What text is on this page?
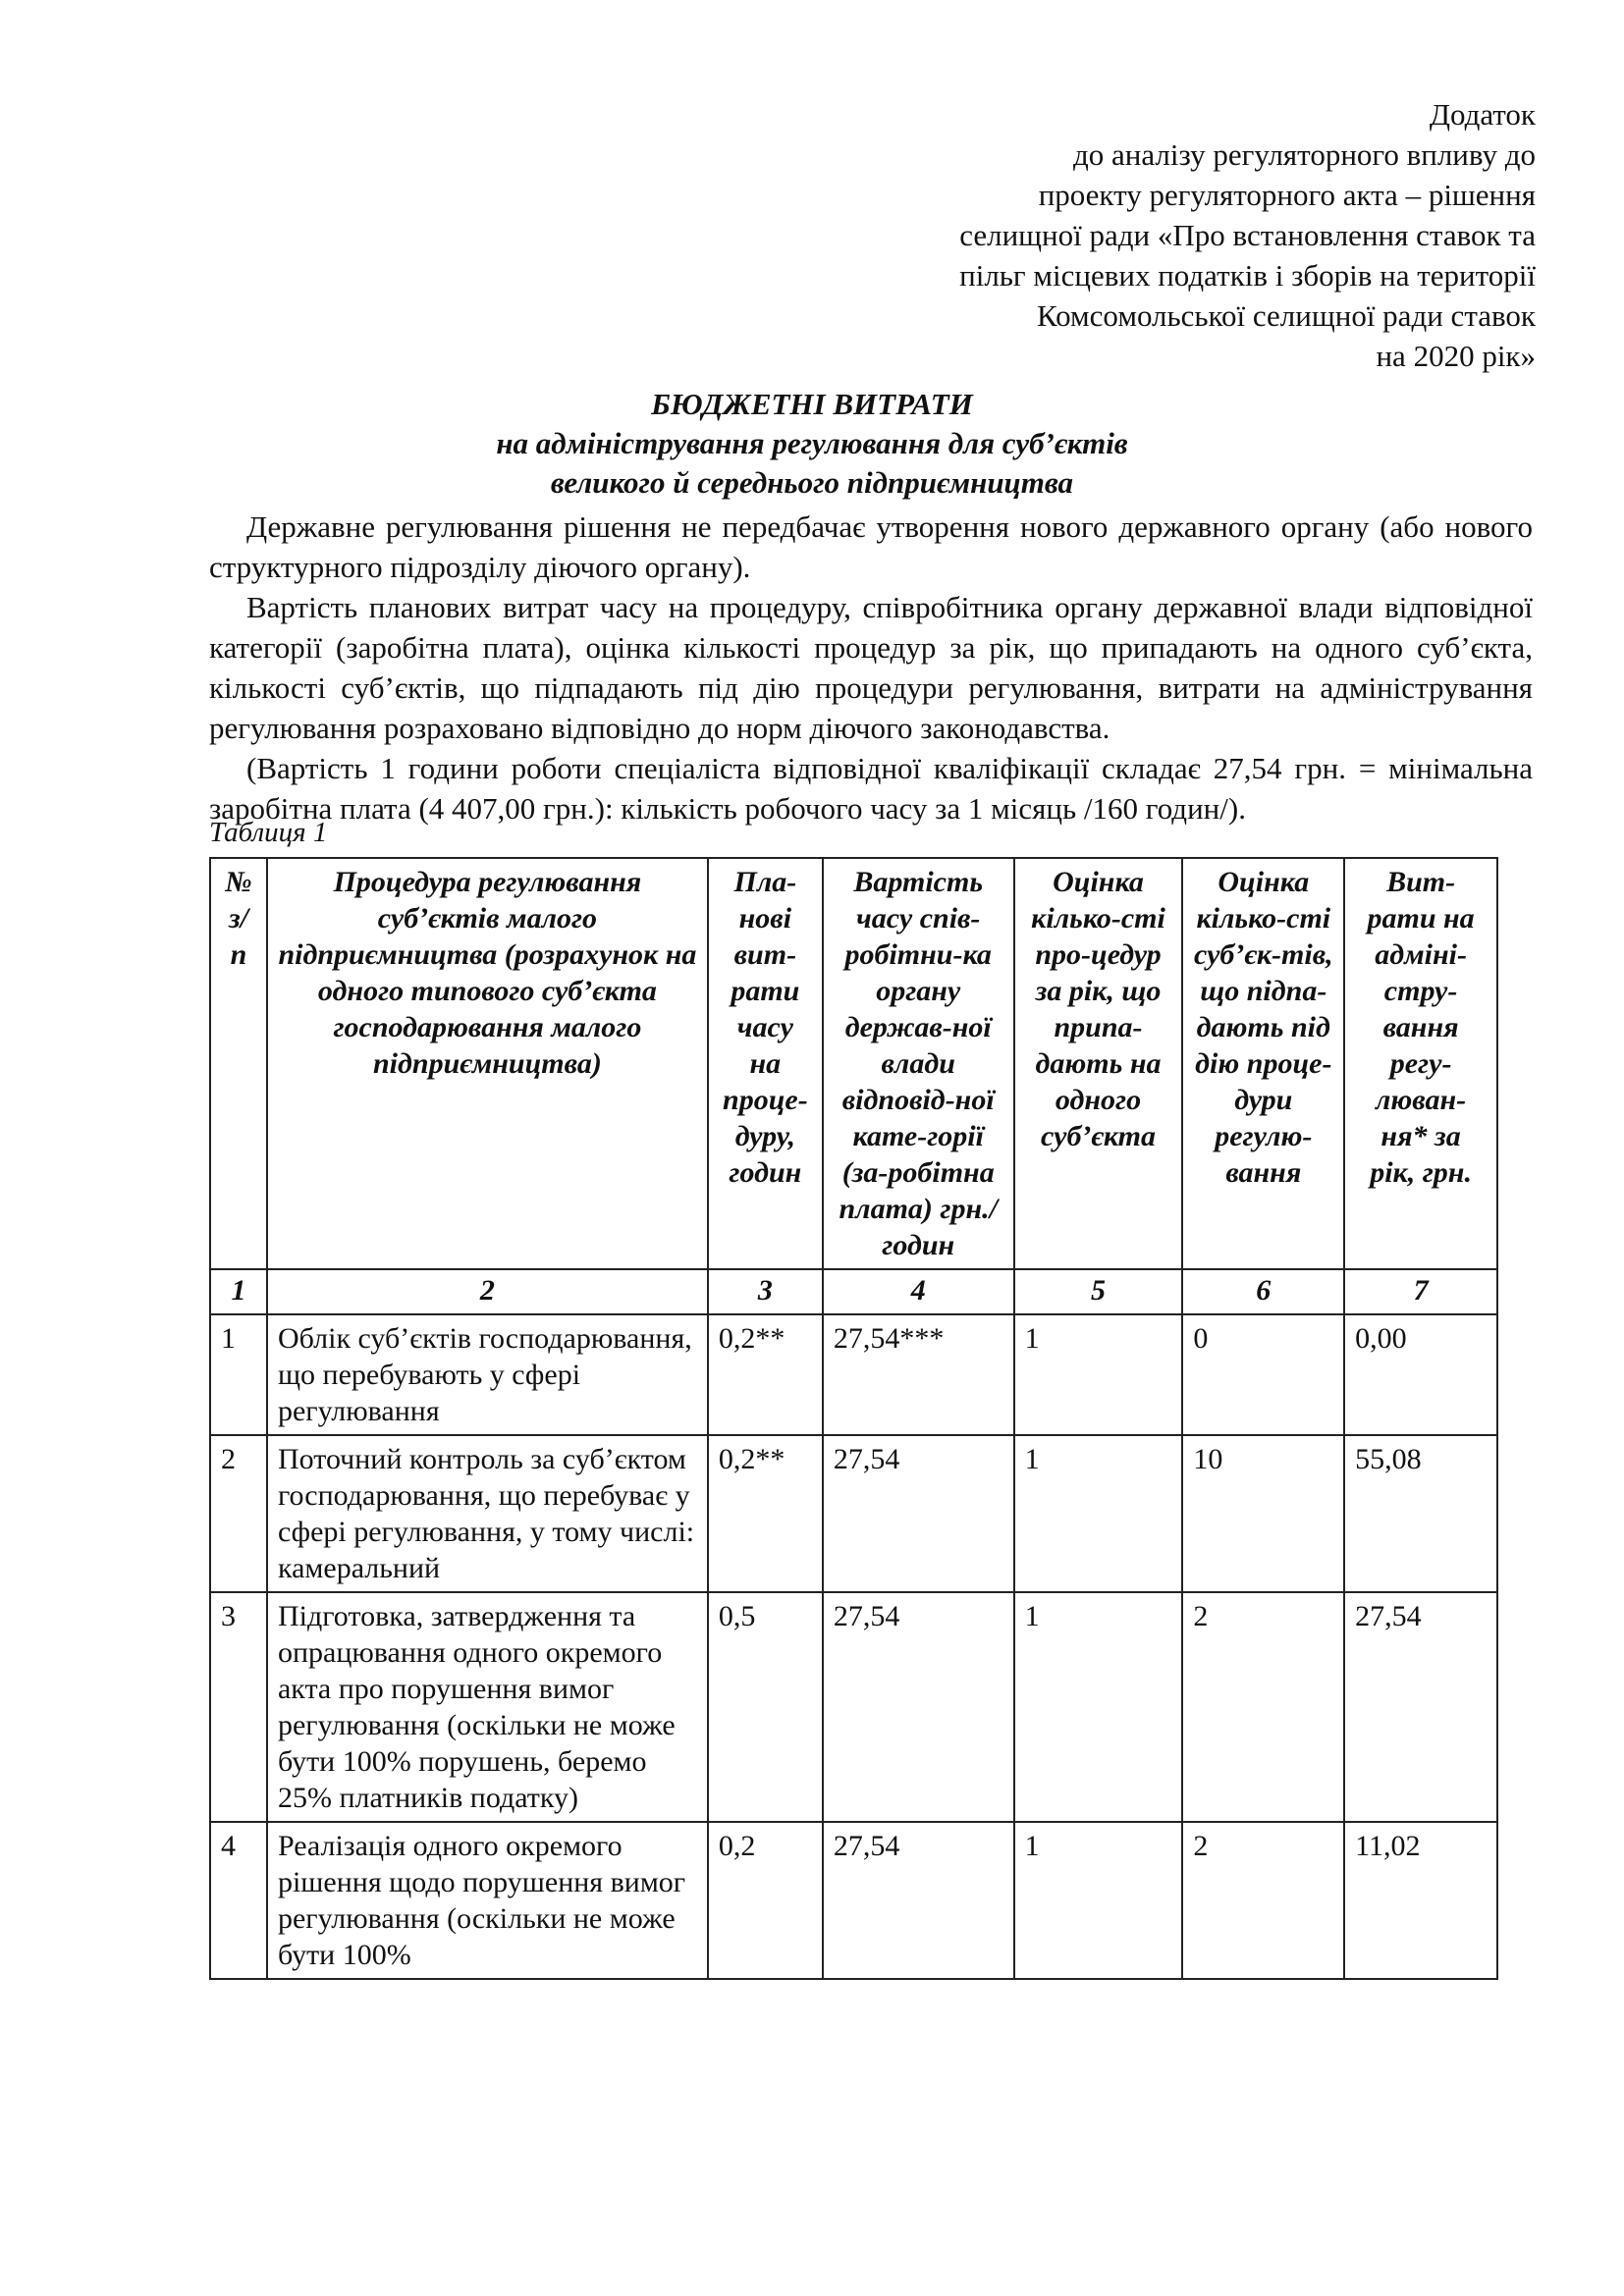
Додаток
до аналізу регуляторного впливу до
проекту регуляторного акта – рішення
селищної ради «Про встановлення ставок та
пільг місцевих податків і зборів на території
Комсомольської селищної ради ставок
на 2020 рік»
БЮДЖЕТНІ ВИТРАТИ
на адміністрування регулювання для суб’єктів
великого й середнього підприємництва

Державне регулювання рішення не передбачає утворення нового державного органу (або нового структурного підрозділу діючого органу).

Вартість планових витрат часу на процедуру, співробітника органу державної влади відповідної категорії (заробітна плата), оцінка кількості процедур за рік, що припадають на одного суб’єкта, кількості суб’єктів, що підпадають під дію процедури регулювання, витрати на адміністрування регулювання розраховано відповідно до норм діючого законодавства.

(Вартість 1 години роботи спеціаліста відповідної кваліфікації складає 27,54 грн. = мінімальна заробітна плата (4 407,00 грн.): кількість робочого часу за 1 місяць /160 годин/).

Таблиця 1
№ з/п	Процедура регулювання суб’єктів малого підприємництва (розрахунок на одного типового суб’єкта господарювання малого підприємництва)	Пла-нові вит-рати часу на проце-дуру, годин	Вартість часу спів-робітни-ка органу держав-ної влади відповід-ної кате-горії (за-робітна плата) грн./ годин	Оцінка кілько-сті про-цедур за рік, що припа-дають на одного суб’єкта	Оцінка кілько-сті суб’єк-тів, що підпа-дають під дію проце-дури регулю-вання	Вит-рати на адміні-стру-вання регу-люван-ня* за рік, грн.
1	2	3	4	5	6	7
1	Облік суб’єктів господарювання, що перебувають у сфері регулювання	0,2**	27,54***	1	0	0,00
2	Поточний контроль за суб’єктом господарювання, що перебуває у сфері регулювання, у тому числі: камеральний	0,2**	27,54	1	10	55,08
3	Підготовка, затвердження та опрацювання одного окремого акта про порушення вимог регулювання (оскільки не може бути 100% порушень, беремо 25% платників податку)	0,5	27,54	1	2	27,54
4	Реалізація одного окремого рішення щодо порушення вимог регулювання (оскільки не може бути 100%	0,2	27,54	1	2	11,02
